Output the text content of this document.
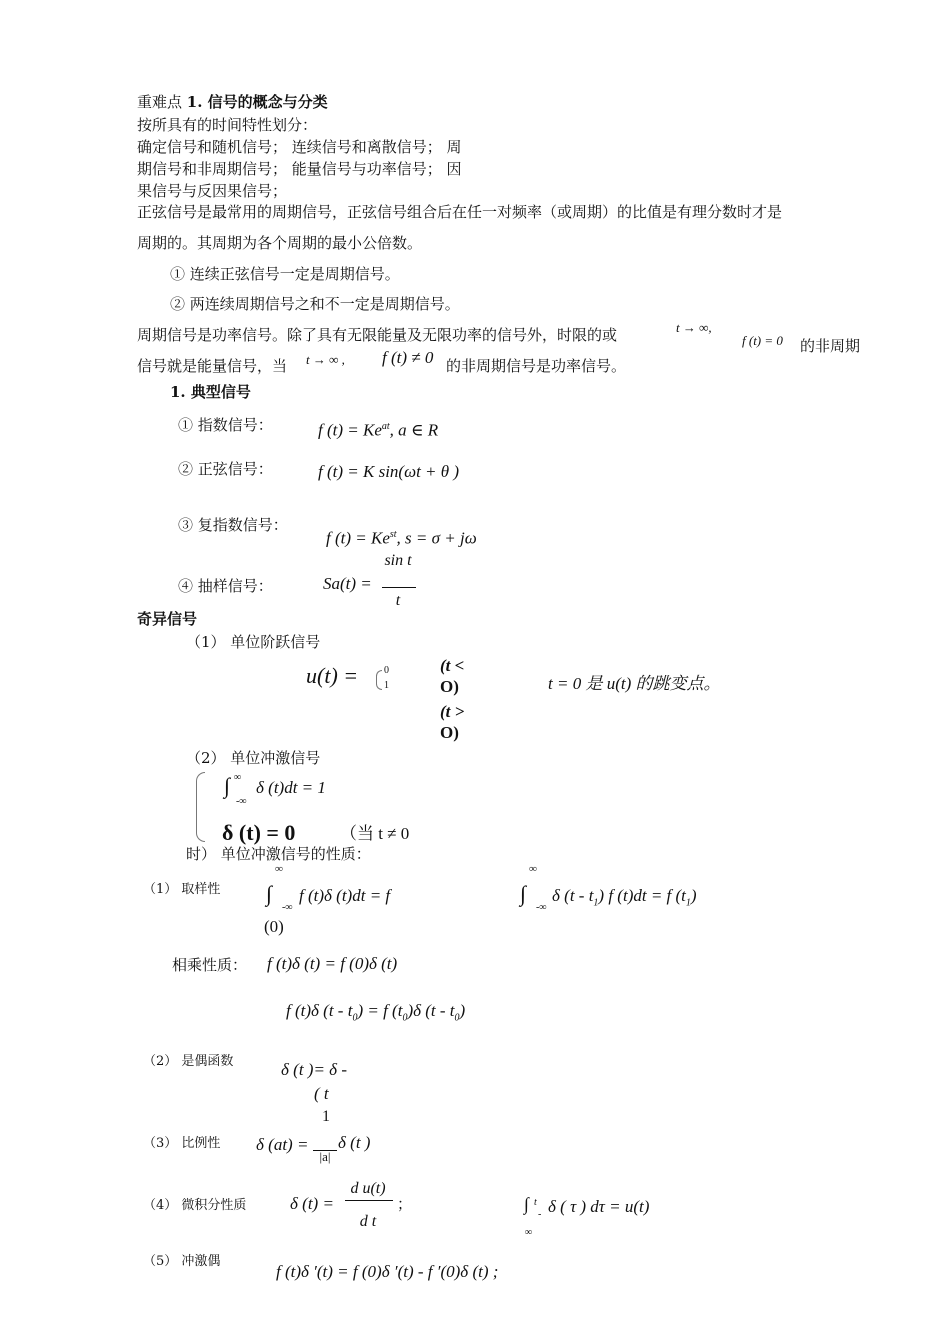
重难点 1. 信号的概念与分类
按所具有的时间特性划分：
确定信号和随机信号； 连续信号和离散信号； 周
期信号和非周期信号； 能量信号与功率信号； 因
果信号与反因果信号；
正弦信号是最常用的周期信号，正弦信号组合后在任一对频率（或周期）的比值是有理分数时才是
周期的。其周期为各个周期的最小公倍数。
① 连续正弦信号一定是周期信号。
② 两连续周期信号之和不一定是周期信号。
周期信号是功率信号。除了具有无限能量及无限功率的信号外，时限的或	t → ∞,
f (t) = 0 的非周期
信号就是能量信号，当 t → ∞ , f (t) ≠ 0 的非周期信号是功率信号。
1. 典型信号
① 指数信号：	f $(t) = Ke^{at}$, a ∈ R
② 正弦信号：	f (t) = K sin(ωt + θ )
③ 复指数信号：
f $(t) = Ke^{st}$, s = σ + jω
④ 抽样信号：	Sa(t) =
sin t
t
奇异信号
（1） 单位阶跃信号
u(t) =	0
1
(t <
O)
(t >
O)
t = 0 是 u(t) 的跳变点。
（2） 单位冲激信号
∫ ∞
-∞
δ (t)dt = 1
δ (t) = 0	（当 t ≠ 0
时） 单位冲激信号的性质：
∞
（1） 取样性 ∫
-∞
f (t)δ (t)dt = f
(0)
∞
∫
-∞
δ $(t - t_1)$ f (t)dt = f $(t_1)$
相乘性质： f (t)δ (t) = f (0)δ (t)
f (t)δ $(t - t_0) = f$ $(t_0)\delta$ $(t - t_0)$
（2） 是偶函数	δ (t )= δ -
( t
（3） 比例性
1
δ (at) =
|a|
δ (t )
（4） 微积分性质	δ (t) =
d u(t)
d t
；	∫ t
-
∞
δ ( τ ) dτ = u(t)
（5） 冲激偶
f (t)δ ′(t) = f (0)δ ′(t) - f ′(0)δ (t) ;
